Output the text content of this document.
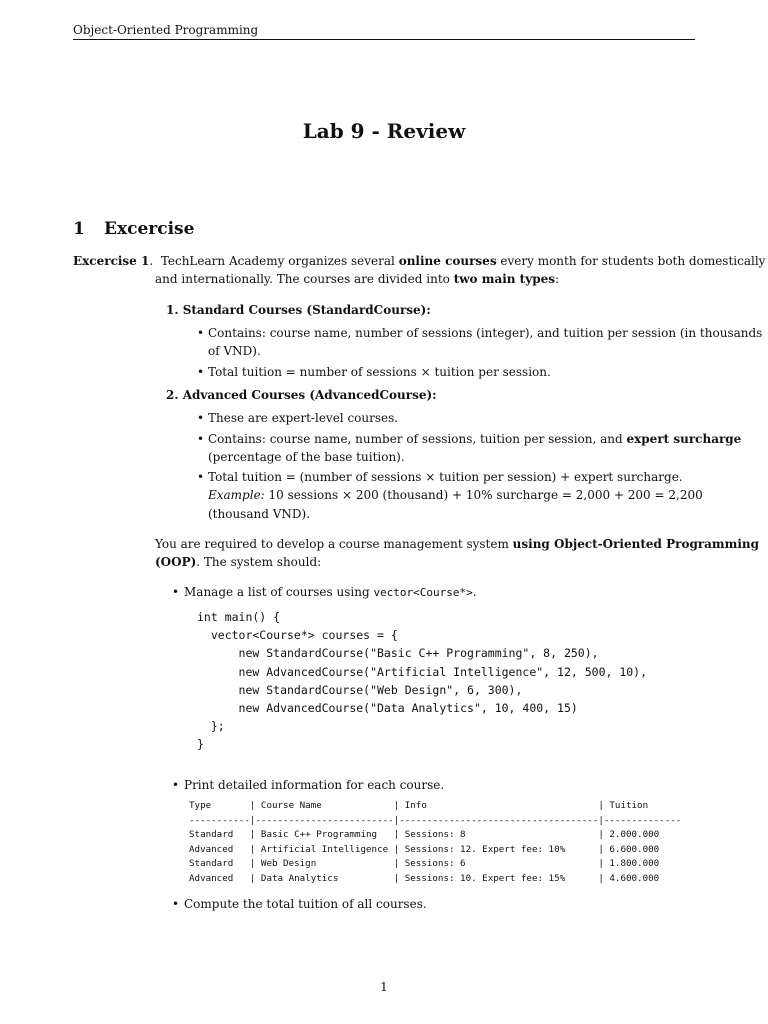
Object-Oriented Programming
Lab 9 - Review
1 Excercise
Excercise 1.  TechLearn Academy organizes several online courses every month for students both domestically
and internationally. The courses are divided into two main types:
1. Standard Courses (StandardCourse):
• Contains: course name, number of sessions (integer), and tuition per session (in thousands
of VND).
• Total tuition = number of sessions × tuition per session.
2. Advanced Courses (AdvancedCourse):
• These are expert-level courses.
• Contains: course name, number of sessions, tuition per session, and expert surcharge
(percentage of the base tuition).
• Total tuition = (number of sessions × tuition per session) + expert surcharge.
Example: 10 sessions × 200 (thousand) + 10% surcharge = 2,000 + 200 = 2,200
(thousand VND).
You are required to develop a course management system using Object-Oriented Programming
(OOP). The system should:
• Manage a list of courses using vector<Course*>.
int main() {
vector<Course*> courses = {
new StandardCourse("Basic C++ Programming", 8, 250),
new AdvancedCourse("Artificial Intelligence", 12, 500, 10),
new StandardCourse("Web Design", 6, 300),
new AdvancedCourse("Data Analytics", 10, 400, 15)
};
}
• Print detailed information for each course.
Type       | Course Name             | Info                               | Tuition
-----------|-------------------------|------------------------------------|--------------
Standard   | Basic C++ Programming   | Sessions: 8                        | 2.000.000
Advanced   | Artificial Intelligence | Sessions: 12. Expert fee: 10%      | 6.600.000
Standard   | Web Design              | Sessions: 6                        | 1.800.000
Advanced   | Data Analytics          | Sessions: 10. Expert fee: 15%      | 4.600.000
• Compute the total tuition of all courses.
1
